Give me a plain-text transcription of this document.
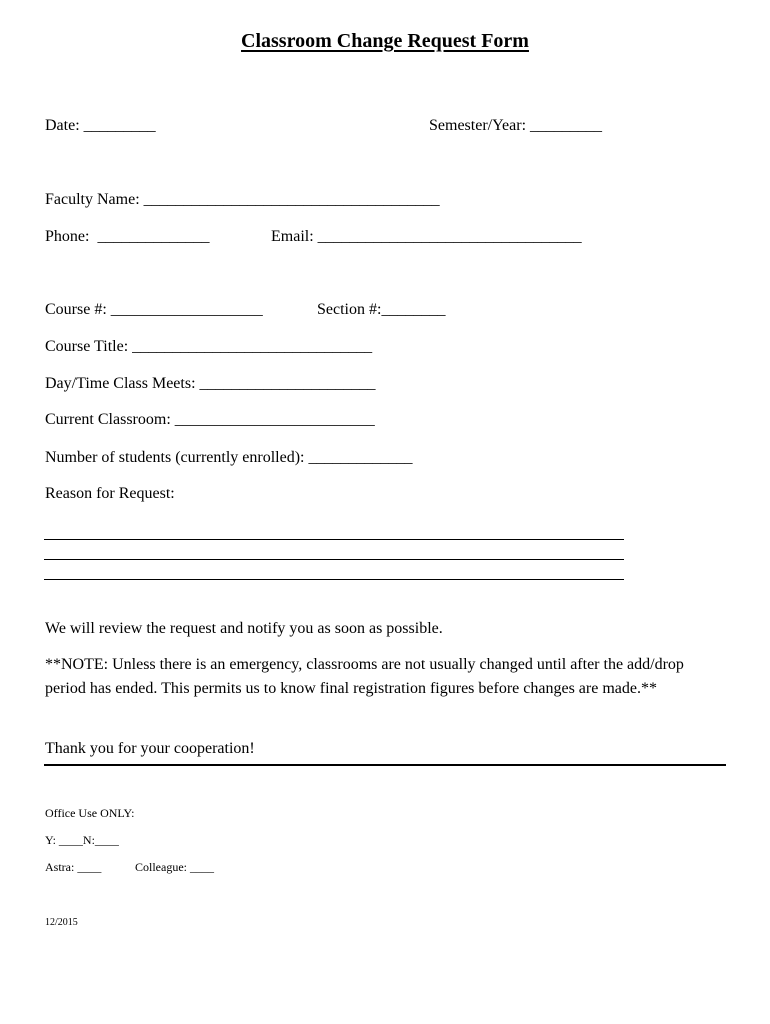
Classroom Change Request Form
Date: _________	Semester/Year: _________
Faculty Name: _____________________________________
Phone:  ______________	Email: _________________________________
Course #: ___________________	Section #:________
Course Title: ______________________________
Day/Time Class Meets: ______________________
Current Classroom: _________________________
Number of students (currently enrolled): _____________
Reason for Request:
We will review the request and notify you as soon as possible.
**NOTE: Unless there is an emergency, classrooms are not usually changed until after the add/drop period has ended. This permits us to know final registration figures before changes are made.**
Thank you for your cooperation!
Office Use ONLY:
Y: ____N:____
Astra: ____	Colleague: ____
12/2015
